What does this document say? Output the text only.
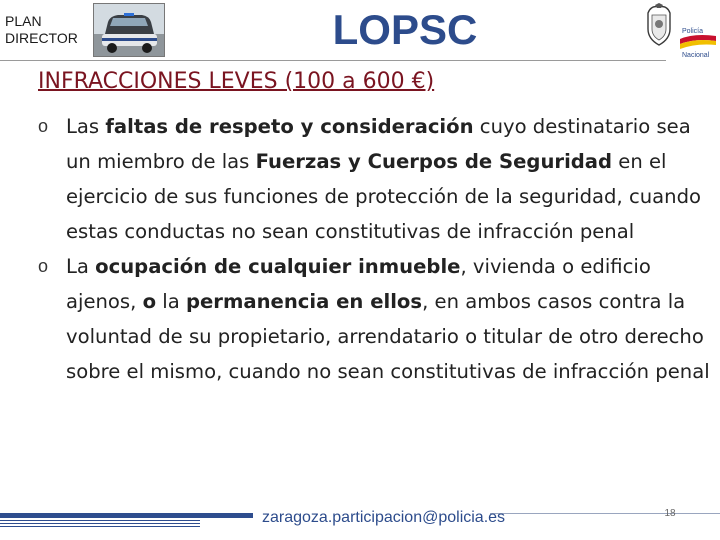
PLAN
DIRECTOR	LOPSC	Policía
Nacional
INFRACCIONES LEVES (100 a 600 €)
o Las faltas de respeto y consideración cuyo destinatario sea un miembro de las Fuerzas y Cuerpos de Seguridad en el ejercicio de sus funciones de protección de la seguridad, cuando estas conductas no sean constitutivas de infracción penal
o La ocupación de cualquier inmueble, vivienda o edificio ajenos, o la permanencia en ellos, en ambos casos contra la voluntad de su propietario, arrendatario o titular de otro derecho sobre el mismo, cuando no sean constitutivas de infracción penal
zaragoza.participacion@policia.es	18
